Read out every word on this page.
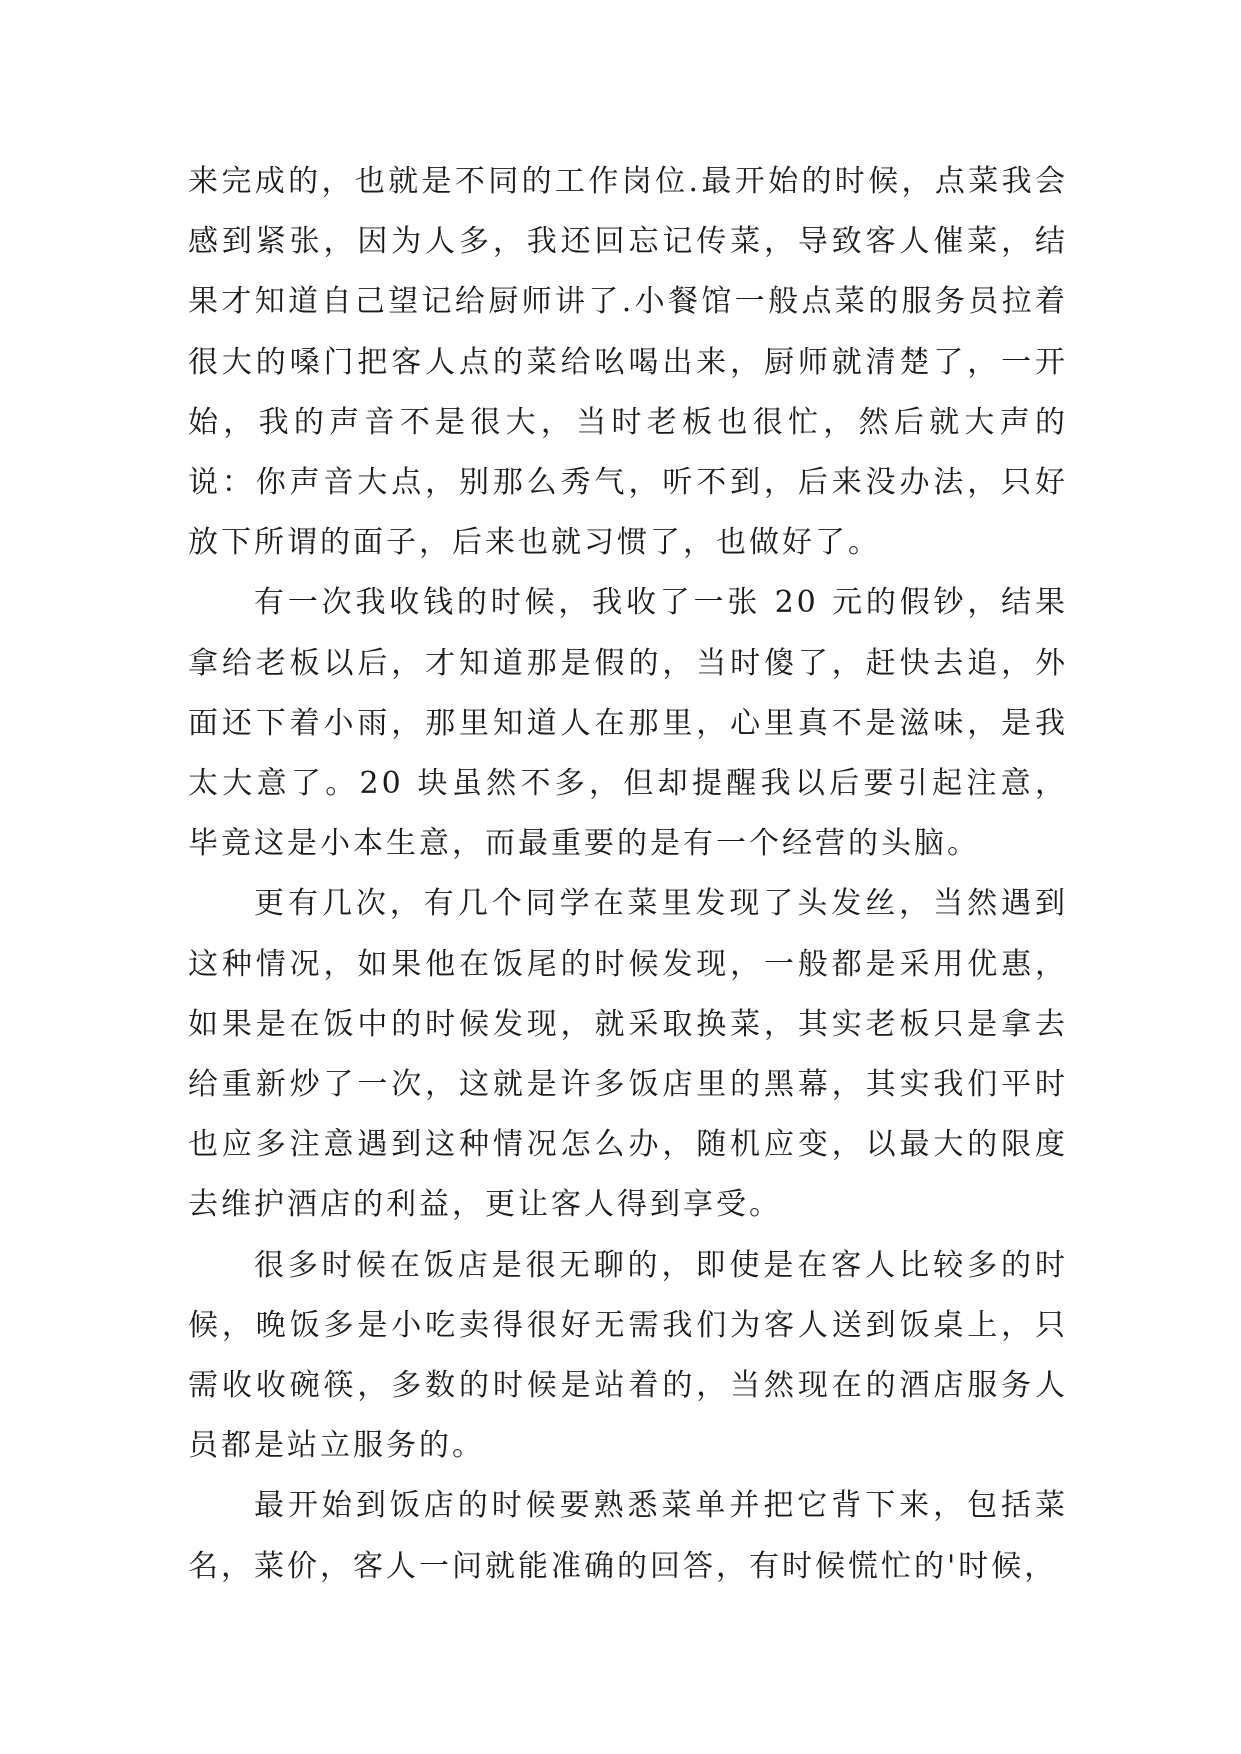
来完成的，也就是不同的工作岗位.最开始的时候，点菜我会感到紧张，因为人多，我还回忘记传菜，导致客人催菜，结果才知道自己望记给厨师讲了.小餐馆一般点菜的服务员拉着很大的嗓门把客人点的菜给吆喝出来，厨师就清楚了，一开始，我的声音不是很大，当时老板也很忙，然后就大声的说：你声音大点，别那么秀气，听不到，后来没办法，只好放下所谓的面子，后来也就习惯了，也做好了。

有一次我收钱的时候，我收了一张 20 元的假钞，结果拿给老板以后，才知道那是假的，当时傻了，赶快去追，外面还下着小雨，那里知道人在那里，心里真不是滋味，是我太大意了。20 块虽然不多，但却提醒我以后要引起注意，毕竟这是小本生意，而最重要的是有一个经营的头脑。

更有几次，有几个同学在菜里发现了头发丝，当然遇到这种情况，如果他在饭尾的时候发现，一般都是采用优惠，如果是在饭中的时候发现，就采取换菜，其实老板只是拿去给重新炒了一次，这就是许多饭店里的黑幕，其实我们平时也应多注意遇到这种情况怎么办，随机应变，以最大的限度去维护酒店的利益，更让客人得到享受。

很多时候在饭店是很无聊的，即使是在客人比较多的时候，晚饭多是小吃卖得很好无需我们为客人送到饭桌上，只需收收碗筷，多数的时候是站着的，当然现在的酒店服务人员都是站立服务的。

最开始到饭店的时候要熟悉菜单并把它背下来，包括菜名，菜价，客人一问就能准确的回答，有时候慌忙的'时候，
